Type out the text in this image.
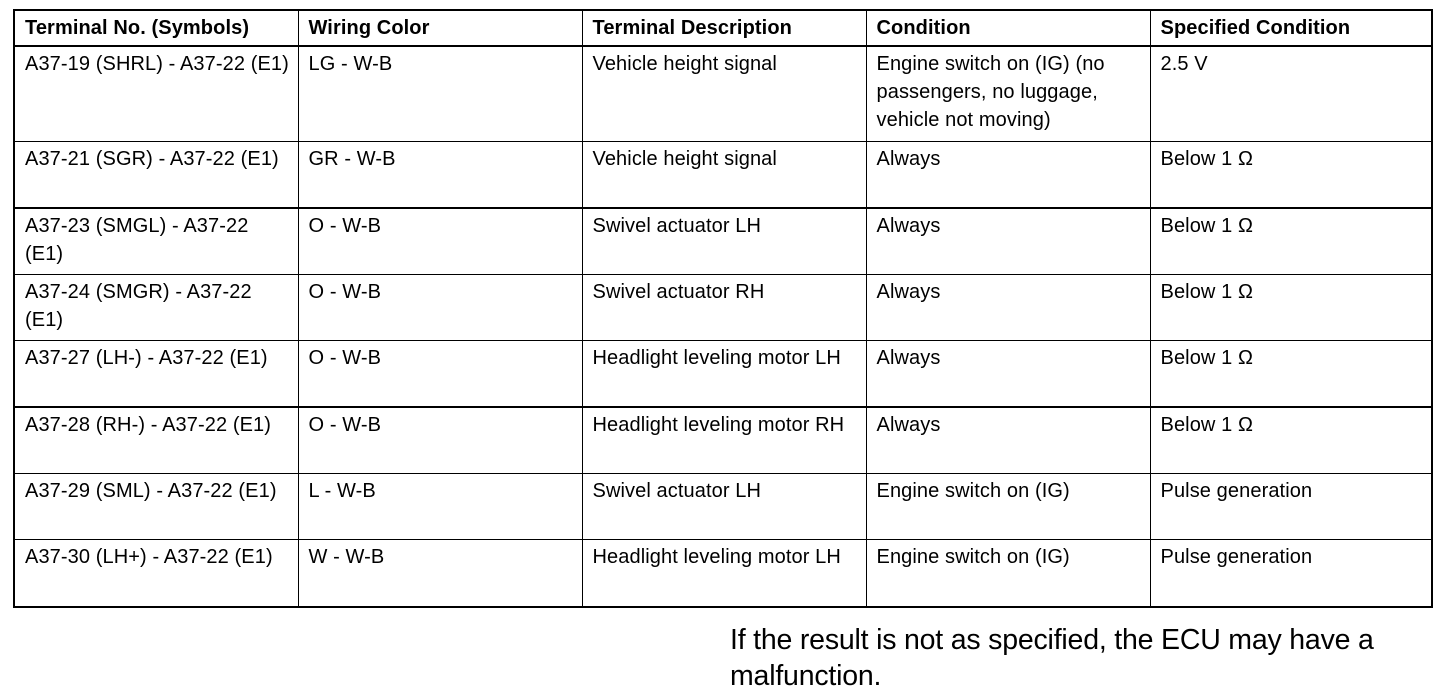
Terminal No. (Symbols)	Wiring Color	Terminal Description	Condition	Specified Condition
A37-19 (SHRL) - A37-22 (E1)	LG - W-B	Vehicle height signal	Engine switch on (IG) (no passengers, no luggage, vehicle not moving)	2.5 V
A37-21 (SGR) - A37-22 (E1)	GR - W-B	Vehicle height signal	Always	Below 1 Ω
A37-23 (SMGL) - A37-22 (E1)	O - W-B	Swivel actuator LH	Always	Below 1 Ω
A37-24 (SMGR) - A37-22 (E1)	O - W-B	Swivel actuator RH	Always	Below 1 Ω
A37-27 (LH-) - A37-22 (E1)	O - W-B	Headlight leveling motor LH	Always	Below 1 Ω
A37-28 (RH-) - A37-22 (E1)	O - W-B	Headlight leveling motor RH	Always	Below 1 Ω
A37-29 (SML) - A37-22 (E1)	L - W-B	Swivel actuator LH	Engine switch on (IG)	Pulse generation
A37-30 (LH+) - A37-22 (E1)	W - W-B	Headlight leveling motor LH	Engine switch on (IG)	Pulse generation

If the result is not as specified, the ECU may have a malfunction.
